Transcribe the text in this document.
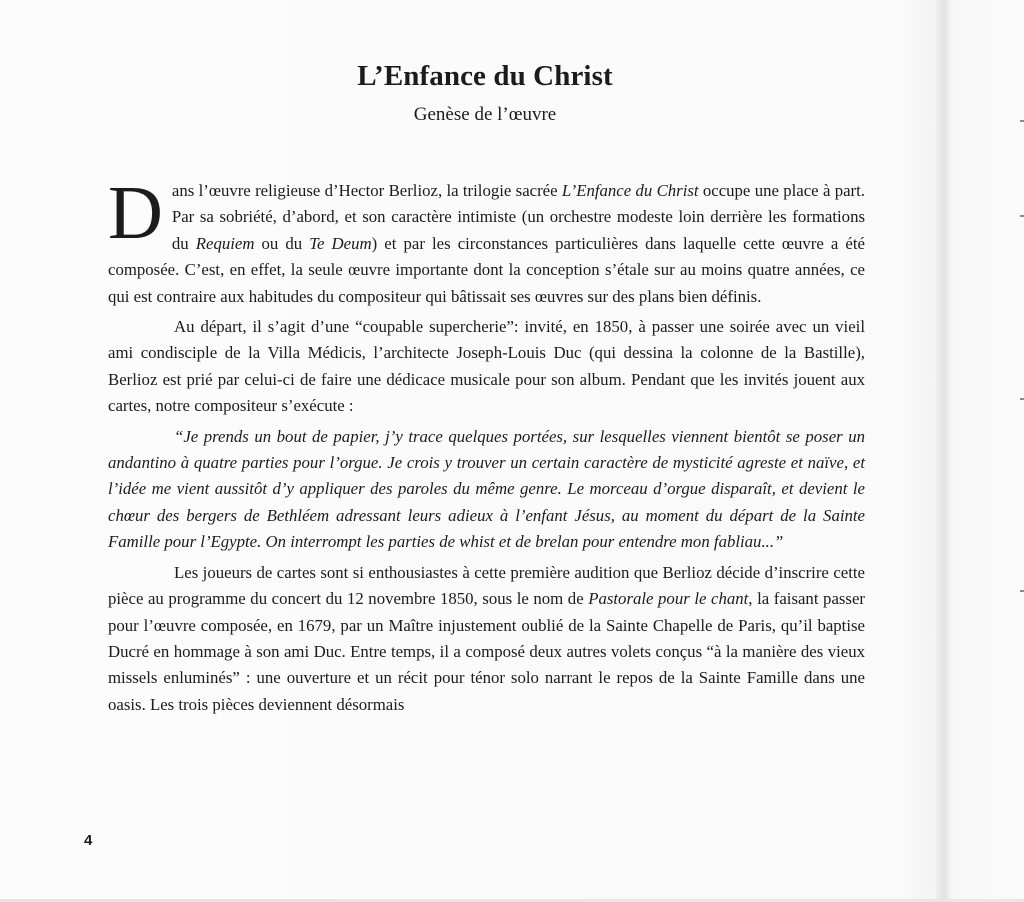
L’Enfance du Christ
Genèse de l’œuvre

Dans l’œuvre religieuse d’Hector Berlioz, la trilogie sacrée L’Enfance du Christ occupe une place à part. Par sa sobriété, d’abord, et son caractère intimiste (un orchestre modeste loin derrière les formations du Requiem ou du Te Deum) et par les circonstances particulières dans laquelle cette œuvre a été composée. C’est, en effet, la seule œuvre importante dont la conception s’étale sur au moins quatre années, ce qui est contraire aux habitudes du compositeur qui bâtissait ses œuvres sur des plans bien définis.

Au départ, il s’agit d’une “coupable supercherie”: invité, en 1850, à passer une soirée avec un vieil ami condisciple de la Villa Médicis, l’architecte Joseph-Louis Duc (qui dessina la colonne de la Bastille), Berlioz est prié par celui-ci de faire une dédicace musicale pour son album. Pendant que les invités jouent aux cartes, notre compositeur s’exécute :

“Je prends un bout de papier, j’y trace quelques portées, sur lesquelles viennent bientôt se poser un andantino à quatre parties pour l’orgue. Je crois y trouver un certain caractère de mysticité agreste et naïve, et l’idée me vient aussitôt d’y appliquer des paroles du même genre. Le morceau d’orgue disparaît, et devient le chœur des bergers de Bethléem adressant leurs adieux à l’enfant Jésus, au moment du départ de la Sainte Famille pour l’Egypte. On interrompt les parties de whist et de brelan pour entendre mon fabliau...”

Les joueurs de cartes sont si enthousiastes à cette première audition que Berlioz décide d’inscrire cette pièce au programme du concert du 12 novembre 1850, sous le nom de Pastorale pour le chant, la faisant passer pour l’œuvre composée, en 1679, par un Maître injustement oublié de la Sainte Chapelle de Paris, qu’il baptise Ducré en hommage à son ami Duc. Entre temps, il a composé deux autres volets conçus “à la manière des vieux missels enluminés” : une ouverture et un récit pour ténor solo narrant le repos de la Sainte Famille dans une oasis. Les trois pièces deviennent désormais

4
